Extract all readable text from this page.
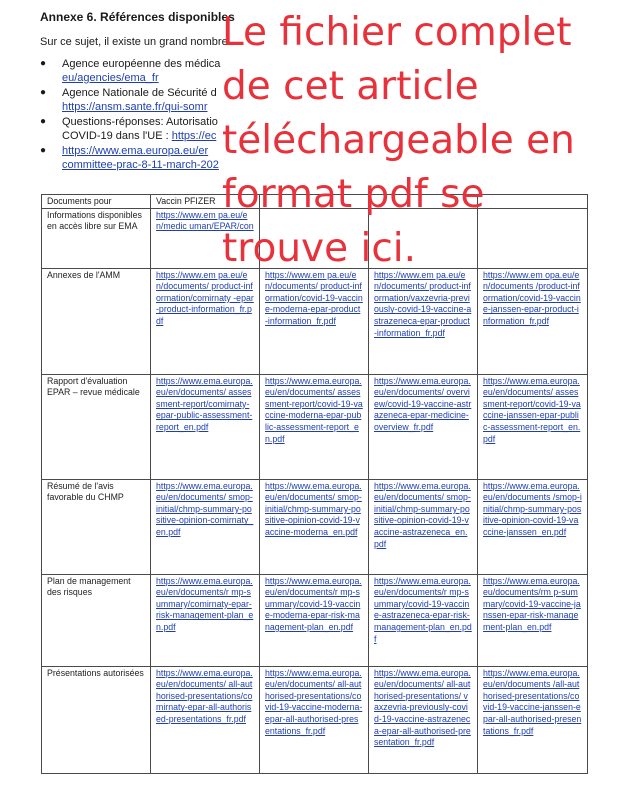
Annexe 6. Références disponibles
Sur ce sujet, il existe un grand nombre
● Agence européenne des médica
eu/agencies/ema_fr
● Agence Nationale de Sécurité d
https://ansm.sante.fr/qui-somr
● Questions-réponses: Autorisatio
COVID-19 dans l'UE : https://ec
● https://www.ema.europa.eu/er
committee-prac-8-11-march-202
Documents pour	Vaccin PFIZER			
Informations disponibles en accès libre sur EMA	https://www.em pa.eu/en/medic uman/EPAR/con			
Annexes de l'AMM	https://www.em pa.eu/en/documents/ product-information/comirnaty -epar-product-information_fr.pdf	https://www.em pa.eu/en/documents/ product-information/covid-19-vaccine-moderna-epar-product-information_fr.pdf	https://www.em pa.eu/en/documents/ product-information/vaxzevria-previously-covid-19-vaccine-astrazeneca-epar-product-information_fr.pdf	https://www.em opa.eu/en/documents /product-information/covid-19-vaccine-janssen-epar-product-information_fr.pdf
Rapport d'évaluation EPAR – revue médicale	https://www.ema.europa.eu/en/documents/ assessment-report/comirnaty-epar-public-assessment-report_en.pdf	https://www.ema.europa.eu/en/documents/ assessment-report/covid-19-vaccine-moderna-epar-public-assessment-report_en.pdf	https://www.ema.europa.eu/en/documents/ overview/covid-19-vaccine-astrazeneca-epar-medicine-overview_fr.pdf	https://www.ema.europa.eu/en/documents/ assessment-report/covid-19-vaccine-janssen-epar-public-assessment-report_en.pdf
Résumé de l'avis favorable du CHMP	https://www.ema.europa.eu/en/documents/ smop-initial/chmp-summary-positive-opinion-comirnaty_en.pdf	https://www.ema.europa.eu/en/documents/ smop-initial/chmp-summary-positive-opinion-covid-19-vaccine-moderna_en.pdf	https://www.ema.europa.eu/en/documents/ smop-initial/chmp-summary-positive-opinion-covid-19-vaccine-astrazeneca_en.pdf	https://www.ema.europa.eu/en/documents /smop-initial/chmp-summary-positive-opinion-covid-19-vaccine-janssen_en.pdf
Plan de management des risques	https://www.ema.europa.eu/en/documents/r mp-summary/comirnaty-epar-risk-management-plan_en.pdf	https://www.ema.europa.eu/en/documents/r mp-summary/covid-19-vaccine-moderna-epar-risk-management-plan_en.pdf	https://www.ema.europa.eu/en/documents/r mp-summary/covid-19-vaccine-astrazeneca-epar-risk-management-plan_en.pdf	https://www.ema.europa.eu/documents/rm p-summary/covid-19-vaccine-janssen-epar-risk-management-plan_en.pdf
Présentations autorisées	https://www.ema.europa.eu/en/documents/ all-authorised-presentations/comirnaty-epar-all-authorised-presentations_fr.pdf	https://www.ema.europa.eu/en/documents/ all-authorised-presentations/covid-19-vaccine-moderna-epar-all-authorised-presentations_fr.pdf	https://www.ema.europa.eu/en/documents/ all-authorised-presentations/ vaxzevria-previously-covid-19-vaccine-astrazeneca-epar-all-authorised-presentation_fr.pdf	https://www.ema.europa.eu/en/documents /all-authorised-presentations/covid-19-vaccine-janssen-epar-all-authorised-presentations_fr.pdf
Le fichier complet
de cet article
téléchargeable en
format pdf se
trouve ici.
